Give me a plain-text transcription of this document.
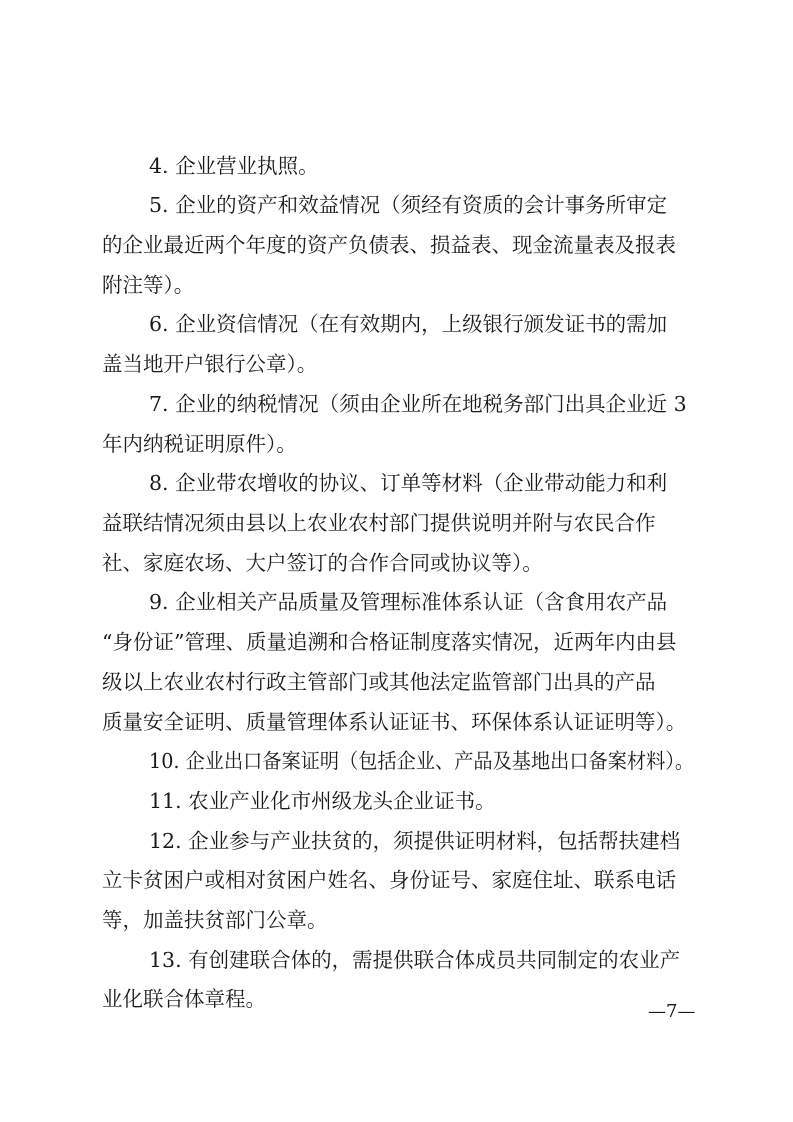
4. 企业营业执照。
5. 企业的资产和效益情况（须经有资质的会计事务所审定
的企业最近两个年度的资产负债表、损益表、现金流量表及报表
附注等）。
6. 企业资信情况（在有效期内，上级银行颁发证书的需加
盖当地开户银行公章）。
7. 企业的纳税情况（须由企业所在地税务部门出具企业近 3
年内纳税证明原件）。
8. 企业带农增收的协议、订单等材料（企业带动能力和利
益联结情况须由县以上农业农村部门提供说明并附与农民合作
社、家庭农场、大户签订的合作合同或协议等）。
9. 企业相关产品质量及管理标准体系认证（含食用农产品
“身份证”管理、质量追溯和合格证制度落实情况，近两年内由县
级以上农业农村行政主管部门或其他法定监管部门出具的产品
质量安全证明、质量管理体系认证证书、环保体系认证证明等）。
10. 企业出口备案证明（包括企业、产品及基地出口备案材料）。
11. 农业产业化市州级龙头企业证书。
12. 企业参与产业扶贫的，须提供证明材料，包括帮扶建档
立卡贫困户或相对贫困户姓名、身份证号、家庭住址、联系电话
等，加盖扶贫部门公章。
13. 有创建联合体的，需提供联合体成员共同制定的农业产
业化联合体章程。
—7—
